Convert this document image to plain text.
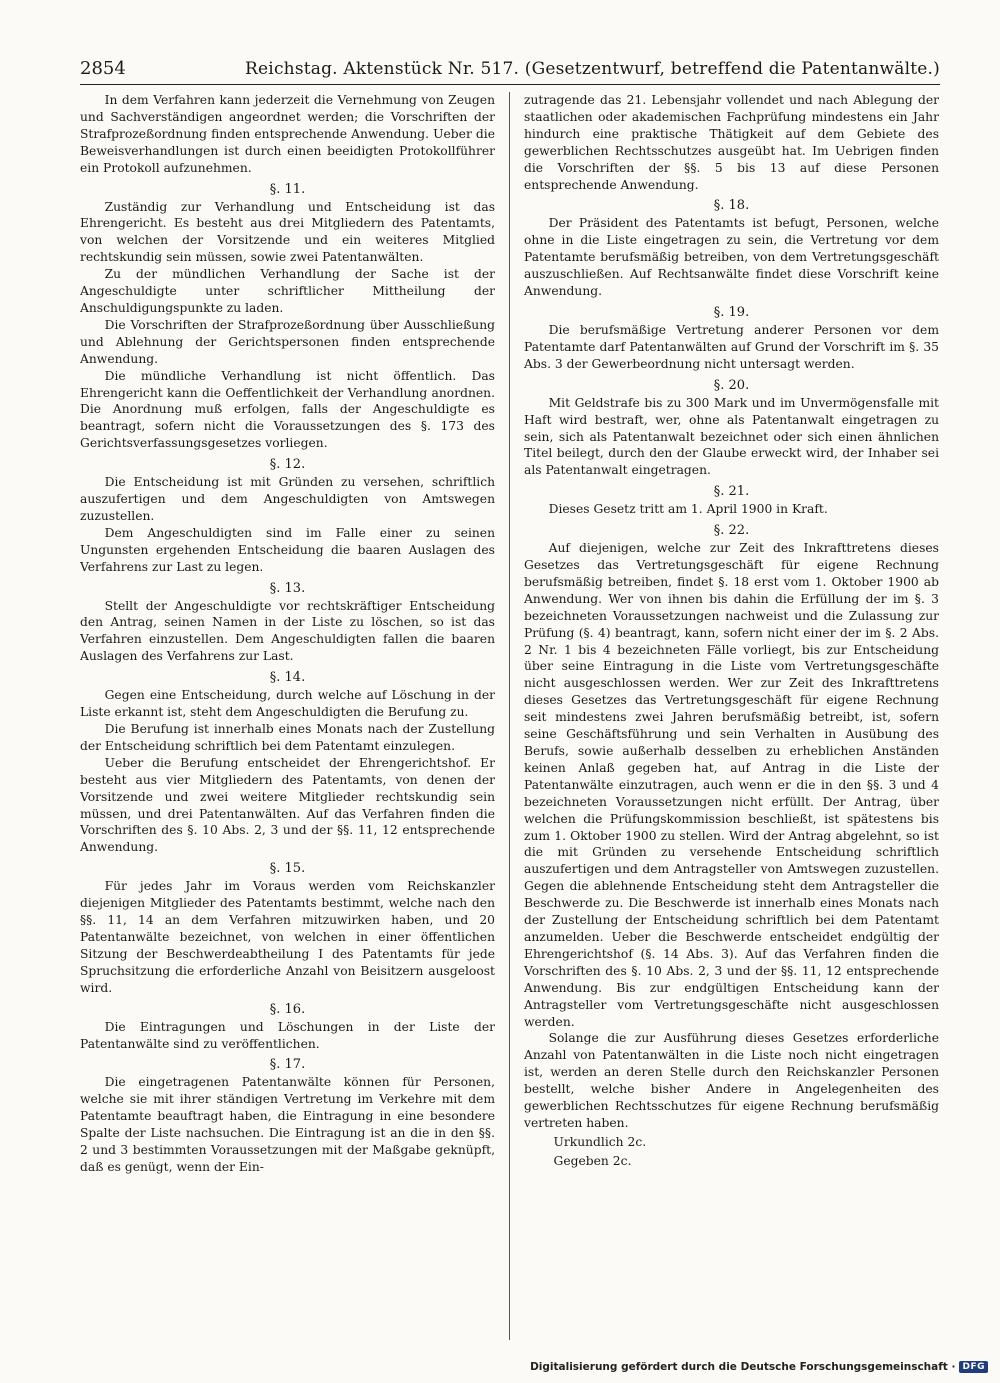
2854	Reichstag. Aktenstück Nr. 517. (Gesetzentwurf, betreffend die Patentanwälte.)

In dem Verfahren kann jederzeit die Vernehmung von Zeugen und Sachverständigen angeordnet werden; die Vorschriften der Strafprozeßordnung finden entsprechende Anwendung. Ueber die Beweisverhandlungen ist durch einen beeidigten Protokollführer ein Protokoll aufzunehmen.

§. 11.

Zuständig zur Verhandlung und Entscheidung ist das Ehrengericht. Es besteht aus drei Mitgliedern des Patentamts, von welchen der Vorsitzende und ein weiteres Mitglied rechtskundig sein müssen, sowie zwei Patentanwälten.

Zu der mündlichen Verhandlung der Sache ist der Angeschuldigte unter schriftlicher Mittheilung der Anschuldigungspunkte zu laden.

Die Vorschriften der Strafprozeßordnung über Ausschließung und Ablehnung der Gerichtspersonen finden entsprechende Anwendung.

Die mündliche Verhandlung ist nicht öffentlich. Das Ehrengericht kann die Oeffentlichkeit der Verhandlung anordnen. Die Anordnung muß erfolgen, falls der Angeschuldigte es beantragt, sofern nicht die Voraussetzungen des §. 173 des Gerichtsverfassungsgesetzes vorliegen.

§. 12.

Die Entscheidung ist mit Gründen zu versehen, schriftlich auszufertigen und dem Angeschuldigten von Amtswegen zuzustellen.

Dem Angeschuldigten sind im Falle einer zu seinen Ungunsten ergehenden Entscheidung die baaren Auslagen des Verfahrens zur Last zu legen.

§. 13.

Stellt der Angeschuldigte vor rechtskräftiger Entscheidung den Antrag, seinen Namen in der Liste zu löschen, so ist das Verfahren einzustellen. Dem Angeschuldigten fallen die baaren Auslagen des Verfahrens zur Last.

§. 14.

Gegen eine Entscheidung, durch welche auf Löschung in der Liste erkannt ist, steht dem Angeschuldigten die Berufung zu.

Die Berufung ist innerhalb eines Monats nach der Zustellung der Entscheidung schriftlich bei dem Patentamt einzulegen.

Ueber die Berufung entscheidet der Ehrengerichtshof. Er besteht aus vier Mitgliedern des Patentamts, von denen der Vorsitzende und zwei weitere Mitglieder rechtskundig sein müssen, und drei Patentanwälten. Auf das Verfahren finden die Vorschriften des §. 10 Abs. 2, 3 und der §§. 11, 12 entsprechende Anwendung.

§. 15.

Für jedes Jahr im Voraus werden vom Reichskanzler diejenigen Mitglieder des Patentamts bestimmt, welche nach den §§. 11, 14 an dem Verfahren mitzuwirken haben, und 20 Patentanwälte bezeichnet, von welchen in einer öffentlichen Sitzung der Beschwerdeabtheilung I des Patentamts für jede Spruchsitzung die erforderliche Anzahl von Beisitzern ausgeloost wird.

§. 16.

Die Eintragungen und Löschungen in der Liste der Patentanwälte sind zu veröffentlichen.

§. 17.

Die eingetragenen Patentanwälte können für Personen, welche sie mit ihrer ständigen Vertretung im Verkehre mit dem Patentamte beauftragt haben, die Eintragung in eine besondere Spalte der Liste nachsuchen. Die Eintragung ist an die in den §§. 2 und 3 bestimmten Voraussetzungen mit der Maßgabe geknüpft, daß es genügt, wenn der Ein-

zutragende das 21. Lebensjahr vollendet und nach Ablegung der staatlichen oder akademischen Fachprüfung mindestens ein Jahr hindurch eine praktische Thätigkeit auf dem Gebiete des gewerblichen Rechtsschutzes ausgeübt hat. Im Uebrigen finden die Vorschriften der §§. 5 bis 13 auf diese Personen entsprechende Anwendung.

§. 18.

Der Präsident des Patentamts ist befugt, Personen, welche ohne in die Liste eingetragen zu sein, die Vertretung vor dem Patentamte berufsmäßig betreiben, von dem Vertretungsgeschäft auszuschließen. Auf Rechtsanwälte findet diese Vorschrift keine Anwendung.

§. 19.

Die berufsmäßige Vertretung anderer Personen vor dem Patentamte darf Patentanwälten auf Grund der Vorschrift im §. 35 Abs. 3 der Gewerbeordnung nicht untersagt werden.

§. 20.

Mit Geldstrafe bis zu 300 Mark und im Unvermögensfalle mit Haft wird bestraft, wer, ohne als Patentanwalt eingetragen zu sein, sich als Patentanwalt bezeichnet oder sich einen ähnlichen Titel beilegt, durch den der Glaube erweckt wird, der Inhaber sei als Patentanwalt eingetragen.

§. 21.

Dieses Gesetz tritt am 1. April 1900 in Kraft.

§. 22.

Auf diejenigen, welche zur Zeit des Inkrafttretens dieses Gesetzes das Vertretungsgeschäft für eigene Rechnung berufsmäßig betreiben, findet §. 18 erst vom 1. Oktober 1900 ab Anwendung. Wer von ihnen bis dahin die Erfüllung der im §. 3 bezeichneten Voraussetzungen nachweist und die Zulassung zur Prüfung (§. 4) beantragt, kann, sofern nicht einer der im §. 2 Abs. 2 Nr. 1 bis 4 bezeichneten Fälle vorliegt, bis zur Entscheidung über seine Eintragung in die Liste vom Vertretungsgeschäfte nicht ausgeschlossen werden. Wer zur Zeit des Inkrafttretens dieses Gesetzes das Vertretungsgeschäft für eigene Rechnung seit mindestens zwei Jahren berufsmäßig betreibt, ist, sofern seine Geschäftsführung und sein Verhalten in Ausübung des Berufs, sowie außerhalb desselben zu erheblichen Anständen keinen Anlaß gegeben hat, auf Antrag in die Liste der Patentanwälte einzutragen, auch wenn er die in den §§. 3 und 4 bezeichneten Voraussetzungen nicht erfüllt. Der Antrag, über welchen die Prüfungskommission beschließt, ist spätestens bis zum 1. Oktober 1900 zu stellen. Wird der Antrag abgelehnt, so ist die mit Gründen zu versehende Entscheidung schriftlich auszufertigen und dem Antragsteller von Amtswegen zuzustellen. Gegen die ablehnende Entscheidung steht dem Antragsteller die Beschwerde zu. Die Beschwerde ist innerhalb eines Monats nach der Zustellung der Entscheidung schriftlich bei dem Patentamt anzumelden. Ueber die Beschwerde entscheidet endgültig der Ehrengerichtshof (§. 14 Abs. 3). Auf das Verfahren finden die Vorschriften des §. 10 Abs. 2, 3 und der §§. 11, 12 entsprechende Anwendung. Bis zur endgültigen Entscheidung kann der Antragsteller vom Vertretungsgeschäfte nicht ausgeschlossen werden.

Solange die zur Ausführung dieses Gesetzes erforderliche Anzahl von Patentanwälten in die Liste noch nicht eingetragen ist, werden an deren Stelle durch den Reichskanzler Personen bestellt, welche bisher Andere in Angelegenheiten des gewerblichen Rechtsschutzes für eigene Rechnung berufsmäßig vertreten haben.

Urkundlich 2c.
Gegeben 2c.
Digitalisierung gefördert durch die Deutsche Forschungsgemeinschaft · DFG
